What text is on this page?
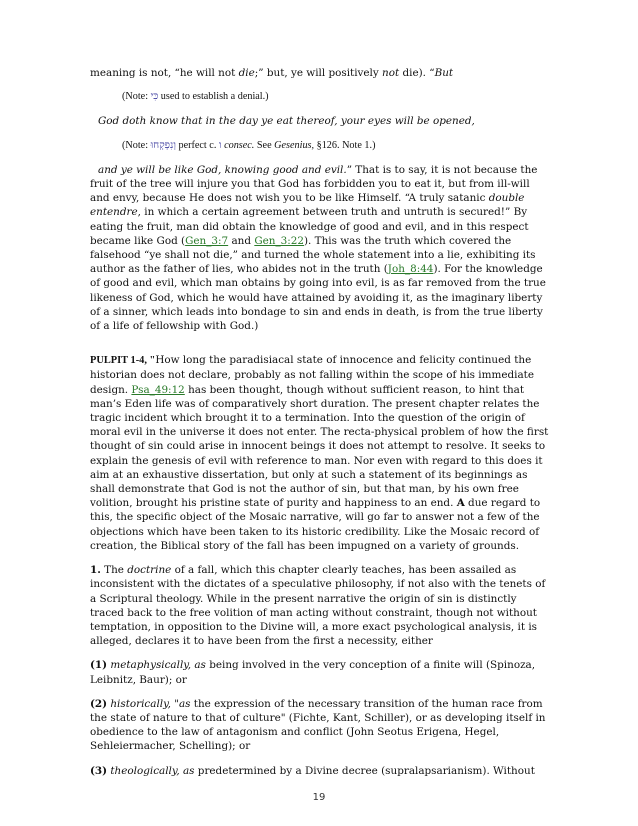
meaning is not, “he will not die;” but, ye will positively not die). “But

(Note: כִּי used to establish a denial.)

God doth know that in the day ye eat thereof, your eyes will be opened,

(Note: וְנִפְקְחוּ perfect c. ו consec. See Gesenius, §126. Note 1.)

and ye will be like God, knowing good and evil.” That is to say, it is not because the fruit of the tree will injure you that God has forbidden you to eat it, but from ill-will and envy, because He does not wish you to be like Himself. “A truly satanic double entendre, in which a certain agreement between truth and untruth is secured!” By eating the fruit, man did obtain the knowledge of good and evil, and in this respect became like God (Gen_3:7 and Gen_3:22). This was the truth which covered the falsehood “ye shall not die,” and turned the whole statement into a lie, exhibiting its author as the father of lies, who abides not in the truth (Joh_8:44). For the knowledge of good and evil, which man obtains by going into evil, is as far removed from the true likeness of God, which he would have attained by avoiding it, as the imaginary liberty of a sinner, which leads into bondage to sin and ends in death, is from the true liberty of a life of fellowship with God.)

PULPIT 1-4, "How long the paradisiacal state of innocence and felicity continued the historian does not declare, probably as not falling within the scope of his immediate design. Psa_49:12 has been thought, though without sufficient reason, to hint that man’s Eden life was of comparatively short duration. The present chapter relates the tragic incident which brought it to a termination. Into the question of the origin of moral evil in the universe it does not enter. The recta-physical problem of how the first thought of sin could arise in innocent beings it does not attempt to resolve. It seeks to explain the genesis of evil with reference to man. Nor even with regard to this does it aim at an exhaustive dissertation, but only at such a statement of its beginnings as shall demonstrate that God is not the author of sin, but that man, by his own free volition, brought his pristine state of purity and happiness to an end. A due regard to this, the specific object of the Mosaic narrative, will go far to answer not a few of the objections which have been taken to its historic credibility. Like the Mosaic record of creation, the Biblical story of the fall has been impugned on a variety of grounds.

1. The doctrine of a fall, which this chapter clearly teaches, has been assailed as inconsistent with the dictates of a speculative philosophy, if not also with the tenets of a Scriptural theology. While in the present narrative the origin of sin is distinctly traced back to the free volition of man acting without constraint, though not without temptation, in opposition to the Divine will, a more exact psychological analysis, it is alleged, declares it to have been from the first a necessity, either

(1) metaphysically, as being involved in the very conception of a finite will (Spinoza, Leibnitz, Baur); or

(2) historically, "as the expression of the necessary transition of the human race from the state of nature to that of culture" (Fichte, Kant, Schiller), or as developing itself in obedience to the law of antagonism and conflict (John Seotus Erigena, Hegel, Sehleiermacher, Schelling); or

(3) theologically, as predetermined by a Divine decree (supralapsarianism). Without

19
